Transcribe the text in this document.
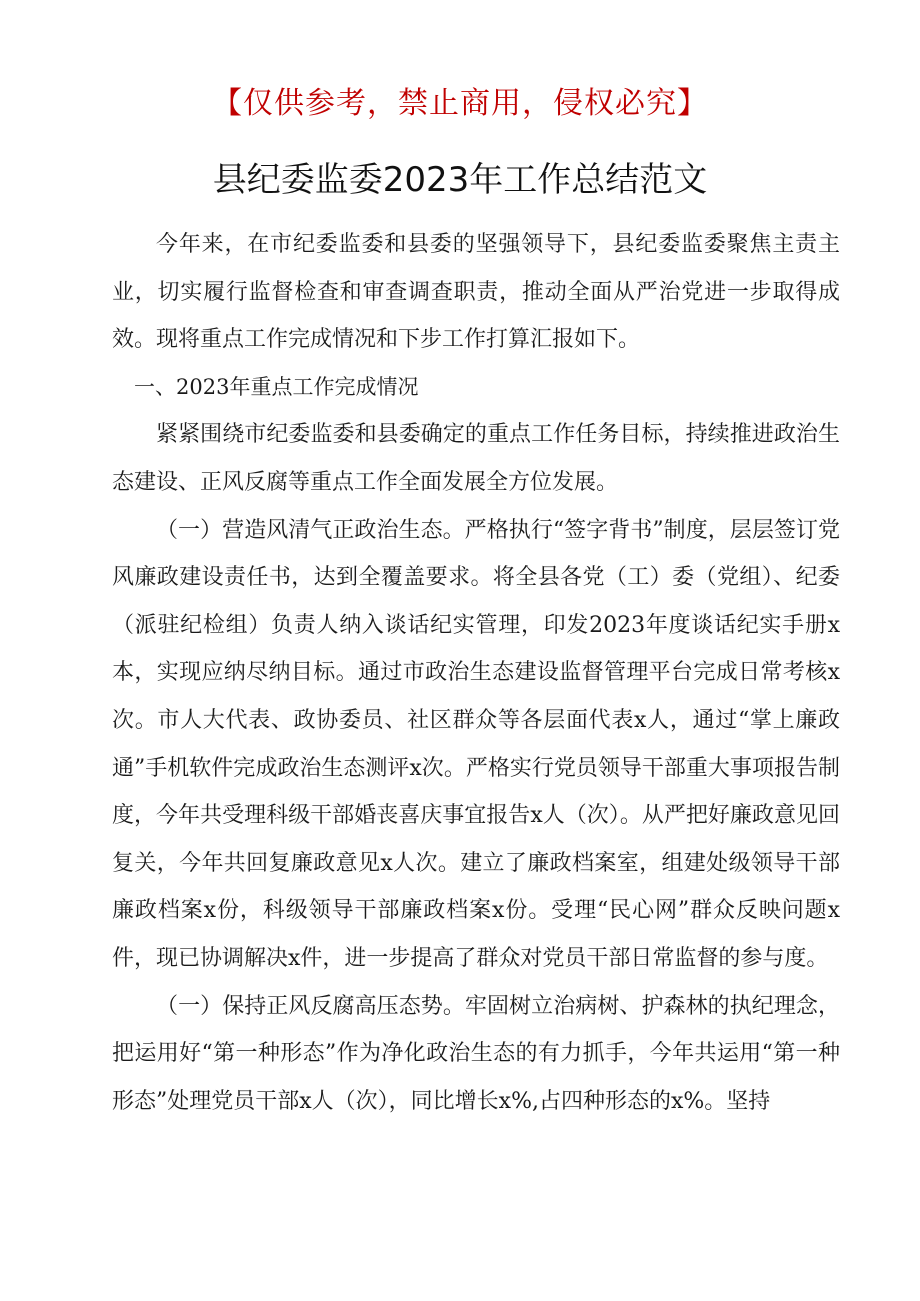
【仅供参考，禁止商用，侵权必究】
县纪委监委2023年工作总结范文

今年来，在市纪委监委和县委的坚强领导下，县纪委监委聚焦主责主业，切实履行监督检查和审查调查职责，推动全面从严治党进一步取得成效。现将重点工作完成情况和下步工作打算汇报如下。

一、2023年重点工作完成情况

紧紧围绕市纪委监委和县委确定的重点工作任务目标，持续推进政治生态建设、正风反腐等重点工作全面发展全方位发展。

（一）营造风清气正政治生态。严格执行“签字背书”制度，层层签订党风廉政建设责任书，达到全覆盖要求。将全县各党（工）委（党组）、纪委（派驻纪检组）负责人纳入谈话纪实管理，印发2023年度谈话纪实手册x本，实现应纳尽纳目标。通过市政治生态建设监督管理平台完成日常考核x次。市人大代表、政协委员、社区群众等各层面代表x人，通过“掌上廉政通”手机软件完成政治生态测评x次。严格实行党员领导干部重大事项报告制度，今年共受理科级干部婚丧喜庆事宜报告x人（次）。从严把好廉政意见回复关，今年共回复廉政意见x人次。建立了廉政档案室，组建处级领导干部廉政档案x份，科级领导干部廉政档案x份。受理“民心网”群众反映问题x件，现已协调解决x件，进一步提高了群众对党员干部日常监督的参与度。

（一）保持正风反腐高压态势。牢固树立治病树、护森林的执纪理念，把运用好“第一种形态”作为净化政治生态的有力抓手，今年共运用“第一种形态”处理党员干部x人（次），同比增长x%,占四种形态的x%。坚持
